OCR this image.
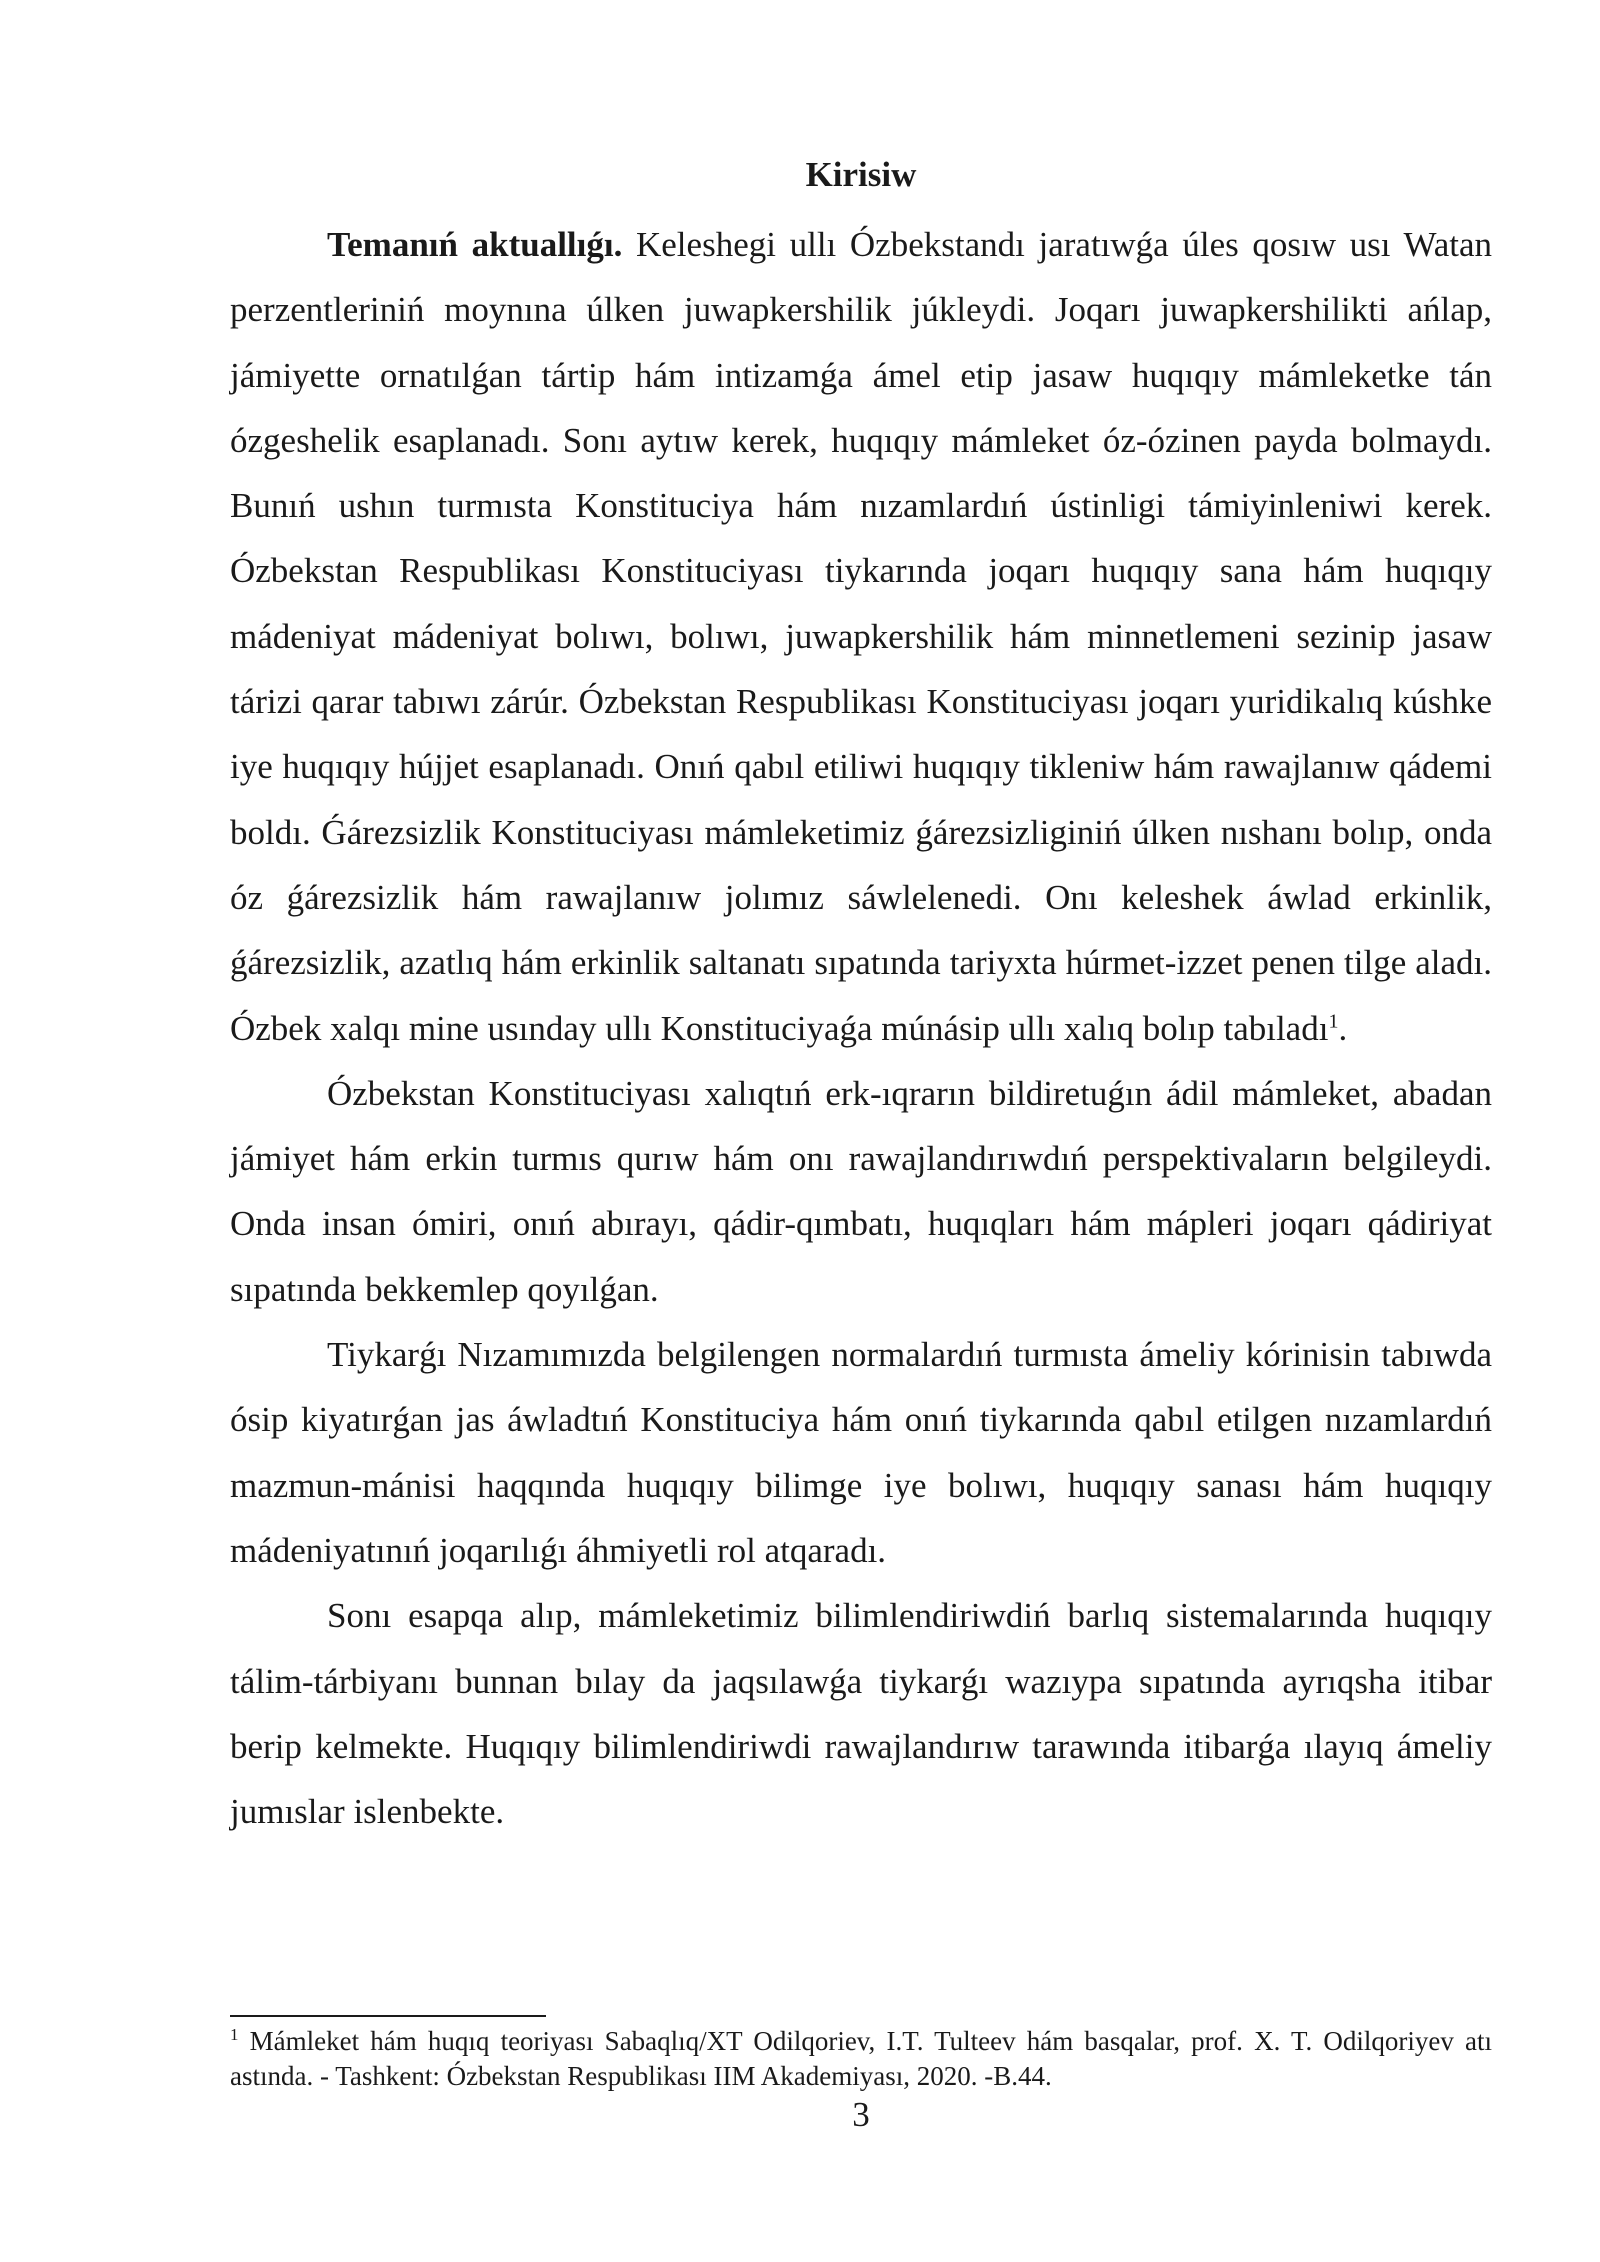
Kirisiw

Temanıń aktuallıǵı. Keleshegi ullı Ózbekstandı jaratıwǵa úles qosıw usı Watan perzentleriniń moynına úlken juwapkershilik júkleydi. Joqarı juwapkershilikti ańlap, jámiyette ornatılǵan tártip hám intizamǵa ámel etip jasaw huqıqıy mámleketke tán ózgeshelik esaplanadı. Sonı aytıw kerek, huqıqıy mámleket óz-ózinen payda bolmaydı. Bunıń ushın turmısta Konstituciya hám nızamlardıń ústinligi támiyinleniwi kerek. Ózbekstan Respublikası Konstituciyası tiykarında joqarı huqıqıy sana hám huqıqıy mádeniyat mádeniyat bolıwı, bolıwı, juwapkershilik hám minnetlemeni sezinip jasaw tárizi qarar tabıwı zárúr. Ózbekstan Respublikası Konstituciyası joqarı yuridikalıq kúshke iye huqıqıy hújjet esaplanadı. Onıń qabıl etiliwi huqıqıy tikleniw hám rawajlanıw qádemi boldı. Ǵárezsizlik Konstituciyası mámleketimiz ǵárezsizliginiń úlken nıshanı bolıp, onda óz ǵárezsizlik hám rawajlanıw jolımız sáwlelenedi. Onı keleshek áwlad erkinlik, ǵárezsizlik, azatlıq hám erkinlik saltanatı sıpatında tariyxta húrmet-izzet penen tilge aladı. Ózbek xalqı mine usınday ullı Konstituciyaǵa múnásip ullı xalıq bolıp tabıladı$^1$.

Ózbekstan Konstituciyası xalıqtıń erk-ıqrarın bildiretuǵın ádil mámleket, abadan jámiyet hám erkin turmıs qurıw hám onı rawajlandırıwdıń perspektivaların belgileydi. Onda insan ómiri, onıń abırayı, qádir-qımbatı, huqıqları hám mápleri joqarı qádiriyat sıpatında bekkemlep qoyılǵan.

Tiykarǵı Nızamımızda belgilengen normalardıń turmısta ámeliy kórinisin tabıwda ósip kiyatırǵan jas áwladtıń Konstituciya hám onıń tiykarında qabıl etilgen nızamlardıń mazmun-mánisi haqqında huqıqıy bilimge iye bolıwı, huqıqıy sanası hám huqıqıy mádeniyatınıń joqarılıǵı áhmiyetli rol atqaradı.

Sonı esapqa alıp, mámleketimiz bilimlendiriwdiń barlıq sistemalarında huqıqıy tálim-tárbiyanı bunnan bılay da jaqsılawǵa tiykarǵı wazıypa sıpatında ayrıqsha itibar berip kelmekte. Huqıqıy bilimlendiriwdi rawajlandırıw tarawında itibarǵa ılayıq ámeliy jumıslar islenbekte.

$^1$ Mámleket hám huqıq teoriyası Sabaqlıq/XT Odilqoriev, I.T. Tulteev hám basqalar, prof. X. T. Odilqoriyev atı astında. - Tashkent: Ózbekstan Respublikası IIM Akademiyası, 2020. -B.44.

3
